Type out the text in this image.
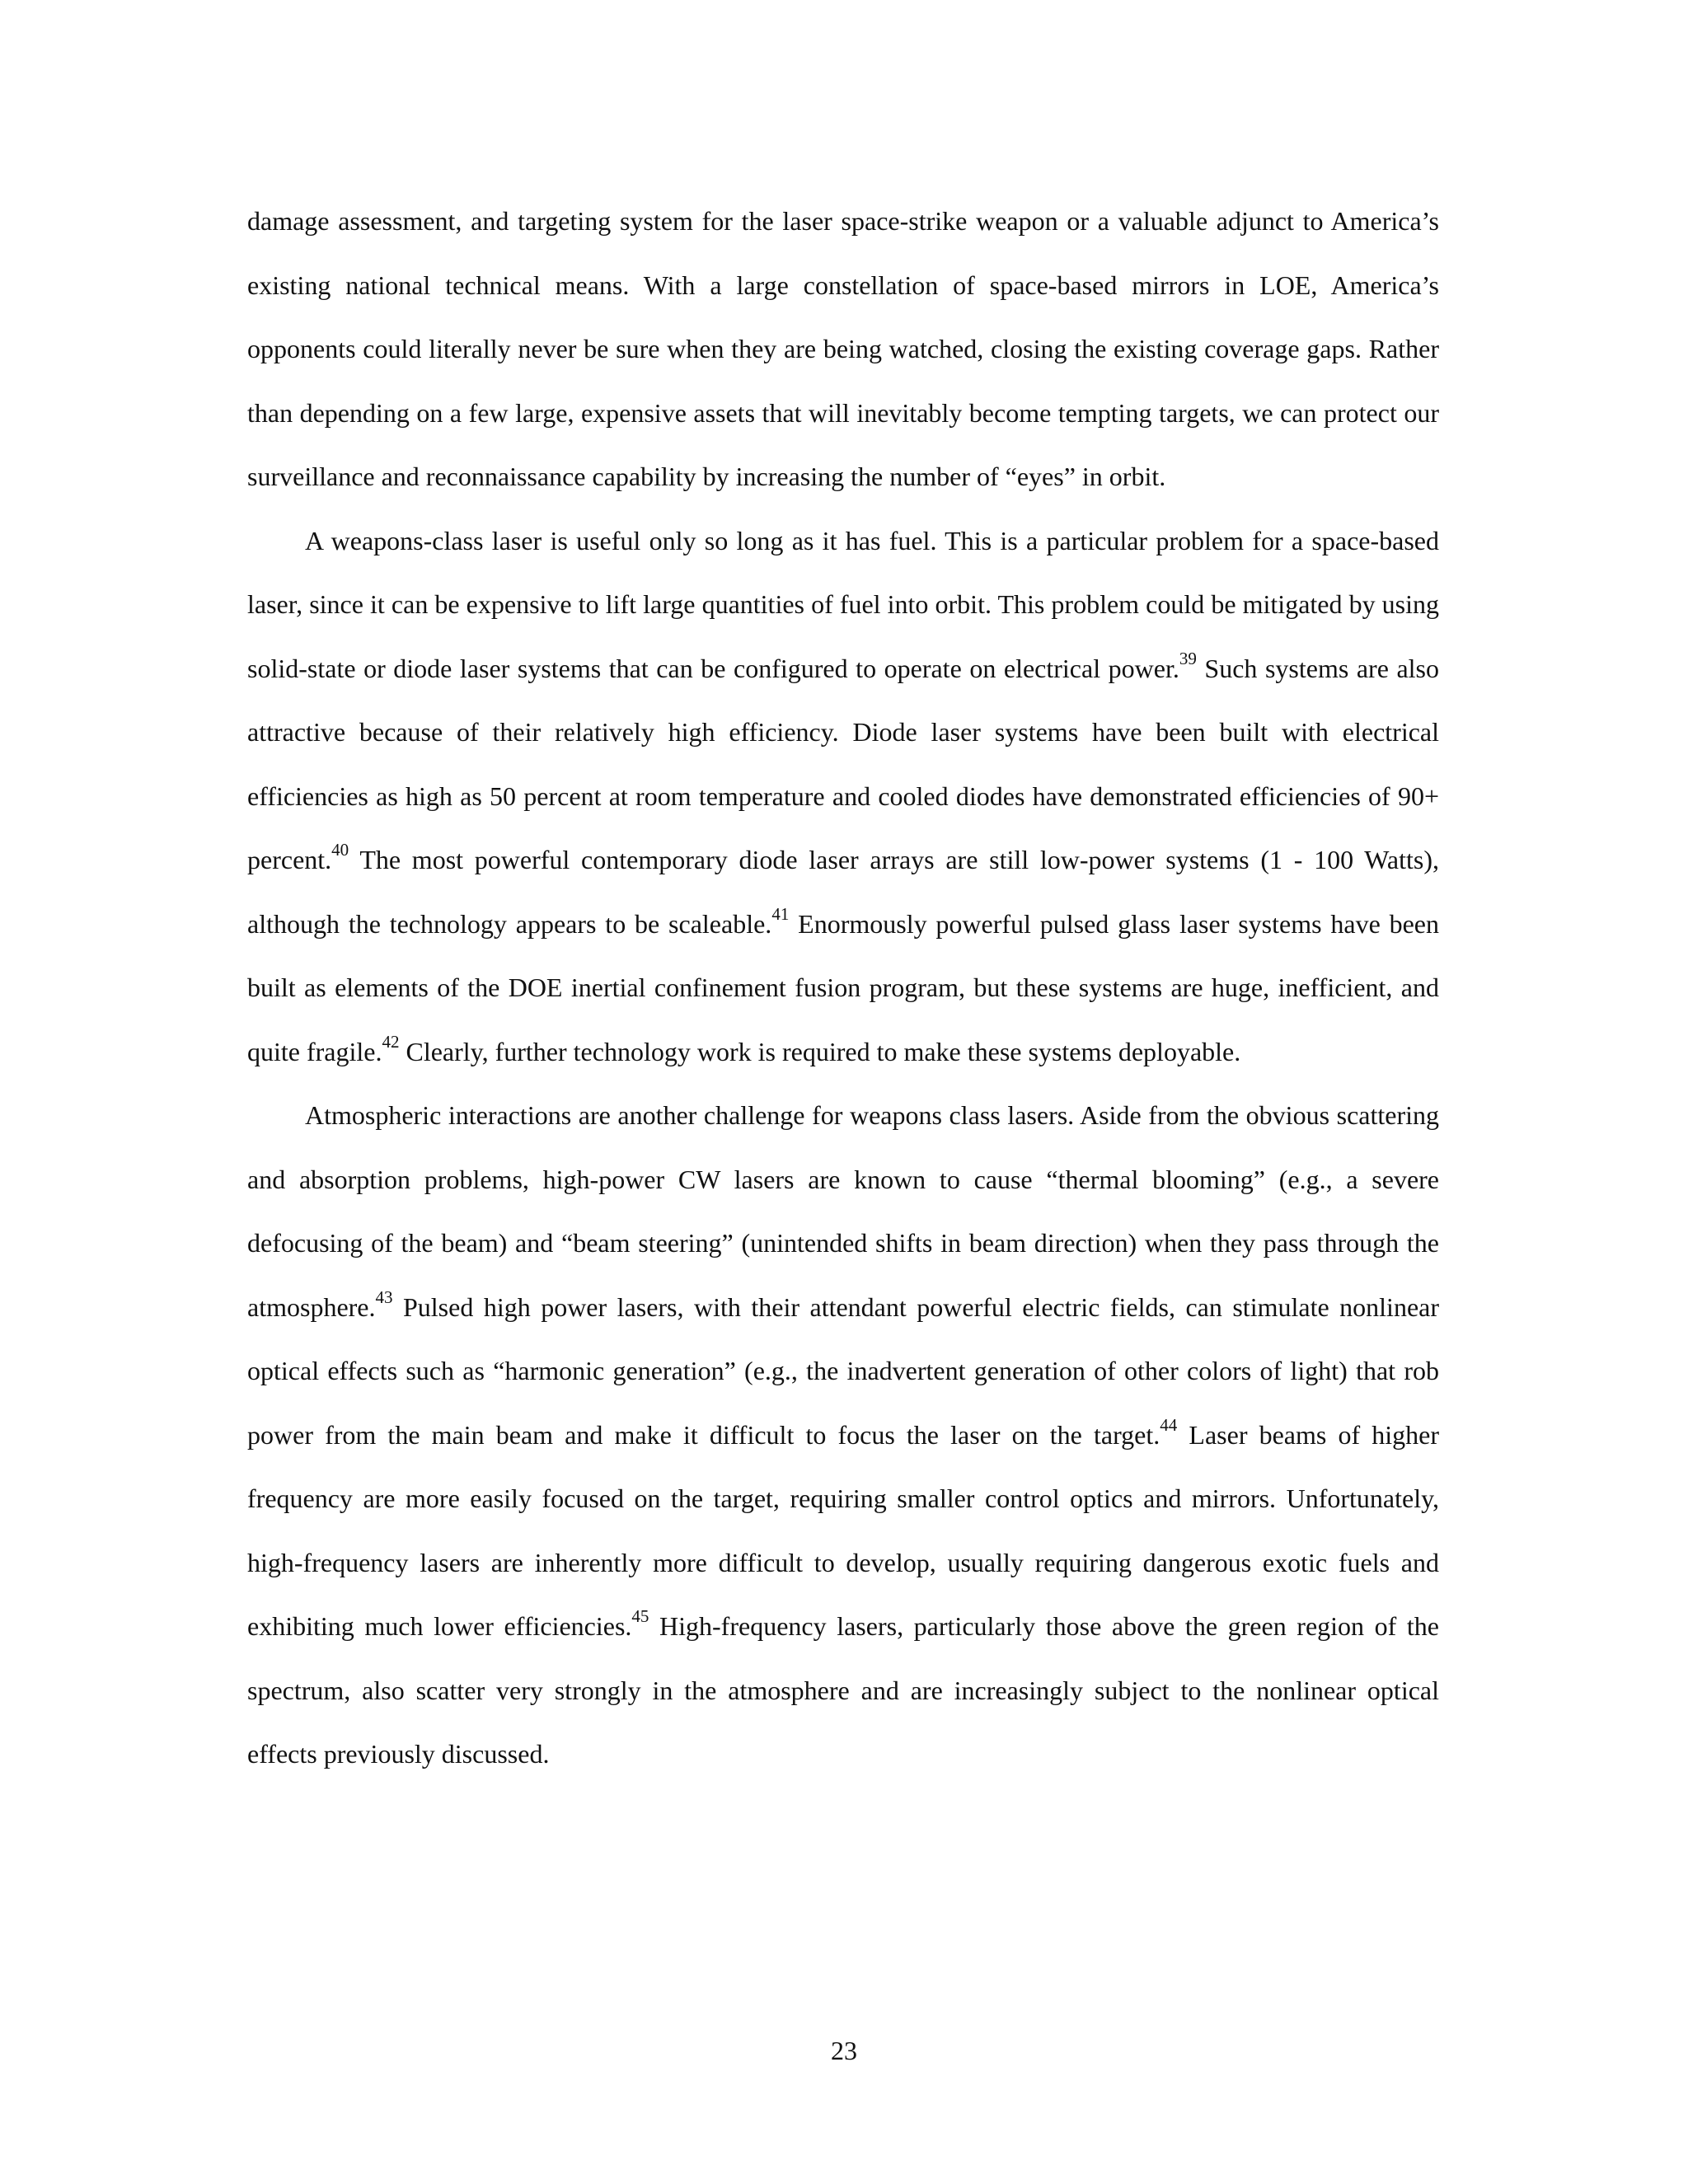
damage assessment, and targeting system for the laser space-strike weapon or a valuable adjunct to America’s existing national technical means. With a large constellation of space-based mirrors in LOE, America’s opponents could literally never be sure when they are being watched, closing the existing coverage gaps. Rather than depending on a few large, expensive assets that will inevitably become tempting targets, we can protect our surveillance and reconnaissance capability by increasing the number of “eyes” in orbit.

A weapons-class laser is useful only so long as it has fuel. This is a particular problem for a space-based laser, since it can be expensive to lift large quantities of fuel into orbit. This problem could be mitigated by using solid-state or diode laser systems that can be configured to operate on electrical power.$^{39}$ Such systems are also attractive because of their relatively high efficiency. Diode laser systems have been built with electrical efficiencies as high as 50 percent at room temperature and cooled diodes have demonstrated efficiencies of 90+ percent.$^{40}$ The most powerful contemporary diode laser arrays are still low-power systems (1 - 100 Watts), although the technology appears to be scaleable.$^{41}$ Enormously powerful pulsed glass laser systems have been built as elements of the DOE inertial confinement fusion program, but these systems are huge, inefficient, and quite fragile.$^{42}$ Clearly, further technology work is required to make these systems deployable.

Atmospheric interactions are another challenge for weapons class lasers. Aside from the obvious scattering and absorption problems, high-power CW lasers are known to cause “thermal blooming” (e.g., a severe defocusing of the beam) and “beam steering” (unintended shifts in beam direction) when they pass through the atmosphere.$^{43}$ Pulsed high power lasers, with their attendant powerful electric fields, can stimulate nonlinear optical effects such as “harmonic generation” (e.g., the inadvertent generation of other colors of light) that rob power from the main beam and make it difficult to focus the laser on the target.$^{44}$ Laser beams of higher frequency are more easily focused on the target, requiring smaller control optics and mirrors. Unfortunately, high-frequency lasers are inherently more difficult to develop, usually requiring dangerous exotic fuels and exhibiting much lower efficiencies.$^{45}$ High-frequency lasers, particularly those above the green region of the spectrum, also scatter very strongly in the atmosphere and are increasingly subject to the nonlinear optical effects previously discussed.

23
